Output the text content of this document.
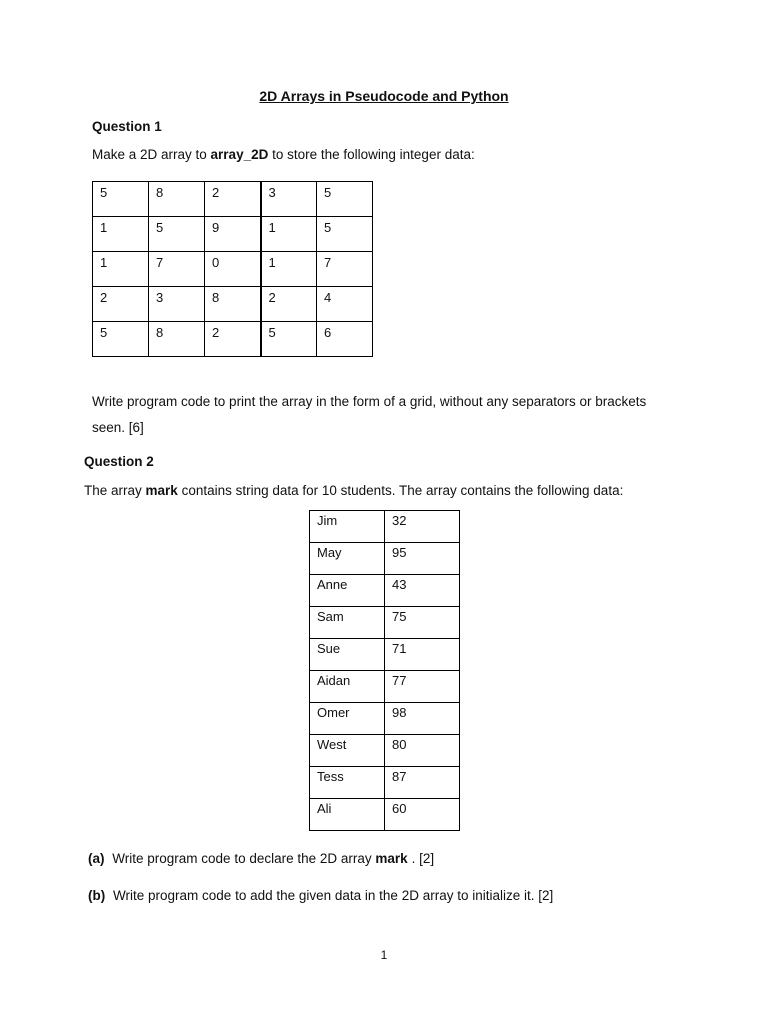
2D Arrays in Pseudocode and Python
Question 1
Make a 2D array to array_2D to store the following integer data:
5	8	2	3	5
1	5	9	1	5
1	7	0	1	7
2	3	8	2	4
5	8	2	5	6
Write program code to print the array in the form of a grid, without any separators or brackets seen. [6]
Question 2
The array mark contains string data for 10 students. The array contains the following data:
Jim	32
May	95
Anne	43
Sam	75
Sue	71
Aidan	77
Omer	98
West	80
Tess	87
Ali	60
(a) Write program code to declare the 2D array mark . [2]
(b) Write program code to add the given data in the 2D array to initialize it. [2]
1
